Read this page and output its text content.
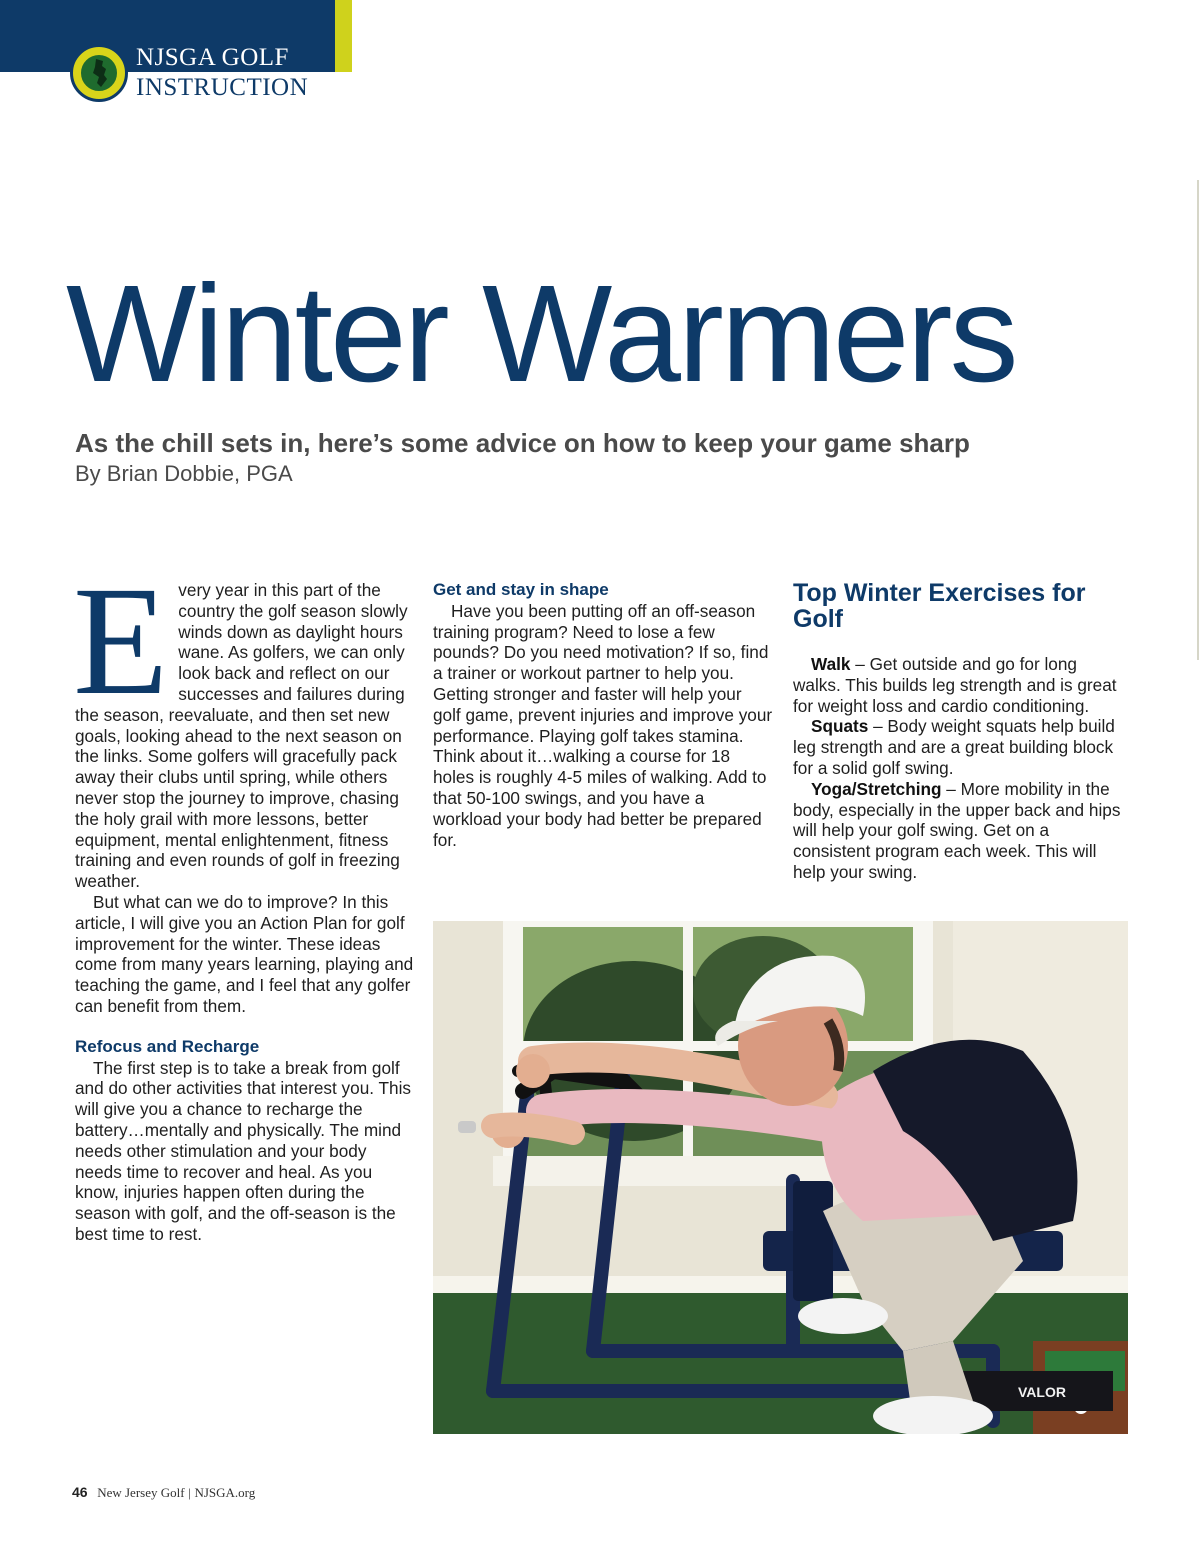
NJSGA GOLF
INSTRUCTION
Winter Warmers
As the chill sets in, here’s some advice on how to keep your game sharp
By Brian Dobbie, PGA
E very year in this part of the country the golf season slowly winds down as daylight hours wane. As golfers, we can only look back and reflect on our successes and failures during the season, reevaluate, and then set new goals, looking ahead to the next season on the links. Some golfers will gracefully pack away their clubs until spring, while others never stop the journey to improve, chasing the holy grail with more lessons, better equipment, mental enlightenment, fitness training and even rounds of golf in freezing weather.

But what can we do to improve? In this article, I will give you an Action Plan for golf improvement for the winter. These ideas come from many years learning, playing and teaching the game, and I feel that any golfer can benefit from them.

Refocus and Recharge

The first step is to take a break from golf and do other activities that interest you. This will give you a chance to recharge the battery…mentally and physically. The mind needs other stimulation and your body needs time to recover and heal. As you know, injuries happen often during the season with golf, and the off-season is the best time to rest.

Get and stay in shape

Have you been putting off an off-season training program? Need to lose a few pounds? Do you need motivation? If so, find a trainer or workout partner to help you. Getting stronger and faster will help your golf game, prevent injuries and improve your performance. Playing golf takes stamina. Think about it…walking a course for 18 holes is roughly 4-5 miles of walking. Add to that 50-100 swings, and you have a workload your body had better be prepared for.

Top Winter Exercises for Golf

Walk – Get outside and go for long walks. This builds leg strength and is great for weight loss and cardio conditioning.

Squats – Body weight squats help build leg strength and are a great building block for a solid golf swing.

Yoga/Stretching – More mobility in the body, especially in the upper back and hips will help your golf swing. Get on a consistent program each week. This will help your swing.

VALOR
46 New Jersey Golf | NJSGA.org
